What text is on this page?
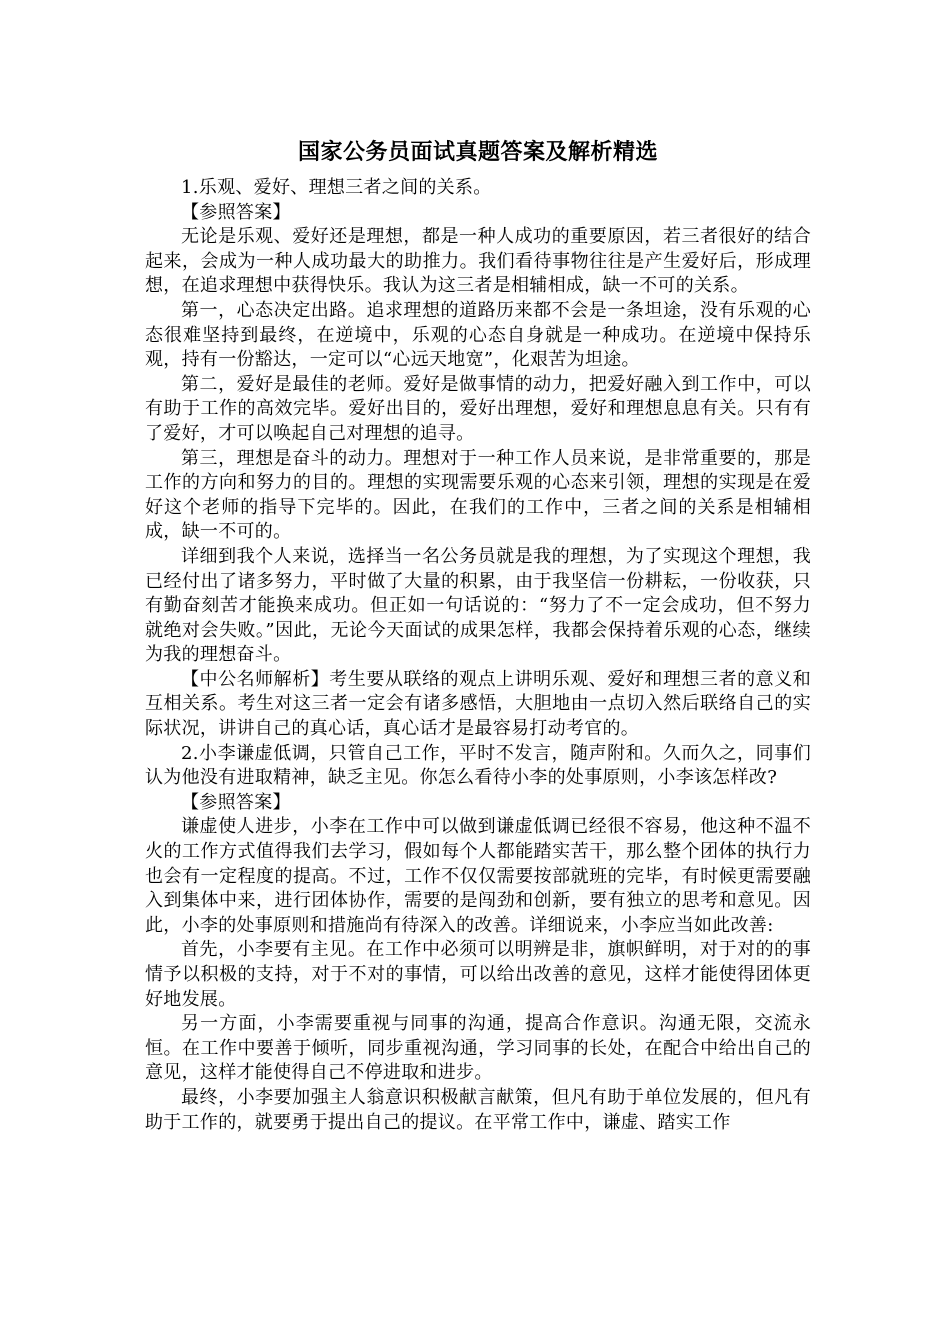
国家公务员面试真题答案及解析精选

1.乐观、爱好、理想三者之间的关系。

【参照答案】

无论是乐观、爱好还是理想，都是一种人成功的重要原因，若三者很好的结合起来，会成为一种人成功最大的助推力。我们看待事物往往是产生爱好后，形成理想，在追求理想中获得快乐。我认为这三者是相辅相成，缺一不可的关系。

第一，心态决定出路。追求理想的道路历来都不会是一条坦途，没有乐观的心态很难坚持到最终，在逆境中，乐观的心态自身就是一种成功。在逆境中保持乐观，持有一份豁达，一定可以“心远天地宽”，化艰苦为坦途。

第二，爱好是最佳的老师。爱好是做事情的动力，把爱好融入到工作中，可以有助于工作的高效完毕。爱好出目的，爱好出理想，爱好和理想息息有关。只有有了爱好，才可以唤起自己对理想的追寻。

第三，理想是奋斗的动力。理想对于一种工作人员来说，是非常重要的，那是工作的方向和努力的目的。理想的实现需要乐观的心态来引领，理想的实现是在爱好这个老师的指导下完毕的。因此，在我们的工作中，三者之间的关系是相辅相成，缺一不可的。

详细到我个人来说，选择当一名公务员就是我的理想，为了实现这个理想，我已经付出了诸多努力，平时做了大量的积累，由于我坚信一份耕耘，一份收获，只有勤奋刻苦才能换来成功。但正如一句话说的：“努力了不一定会成功，但不努力就绝对会失败。”因此，无论今天面试的成果怎样，我都会保持着乐观的心态，继续为我的理想奋斗。

【中公名师解析】考生要从联络的观点上讲明乐观、爱好和理想三者的意义和互相关系。考生对这三者一定会有诸多感悟，大胆地由一点切入然后联络自己的实际状况，讲讲自己的真心话，真心话才是最容易打动考官的。

2.小李谦虚低调，只管自己工作，平时不发言，随声附和。久而久之，同事们认为他没有进取精神，缺乏主见。你怎么看待小李的处事原则，小李该怎样改?

【参照答案】

谦虚使人进步，小李在工作中可以做到谦虚低调已经很不容易，他这种不温不火的工作方式值得我们去学习，假如每个人都能踏实苦干，那么整个团体的执行力也会有一定程度的提高。不过，工作不仅仅需要按部就班的完毕，有时候更需要融入到集体中来，进行团体协作，需要的是闯劲和创新，要有独立的思考和意见。因此，小李的处事原则和措施尚有待深入的改善。详细说来，小李应当如此改善:

首先，小李要有主见。在工作中必须可以明辨是非，旗帜鲜明，对于对的的事情予以积极的支持，对于不对的事情，可以给出改善的意见，这样才能使得团体更好地发展。

另一方面，小李需要重视与同事的沟通，提高合作意识。沟通无限，交流永恒。在工作中要善于倾听，同步重视沟通，学习同事的长处，在配合中给出自己的意见，这样才能使得自己不停进取和进步。

最终，小李要加强主人翁意识积极献言献策，但凡有助于单位发展的，但凡有助于工作的，就要勇于提出自己的提议。在平常工作中，谦虚、踏实工作
